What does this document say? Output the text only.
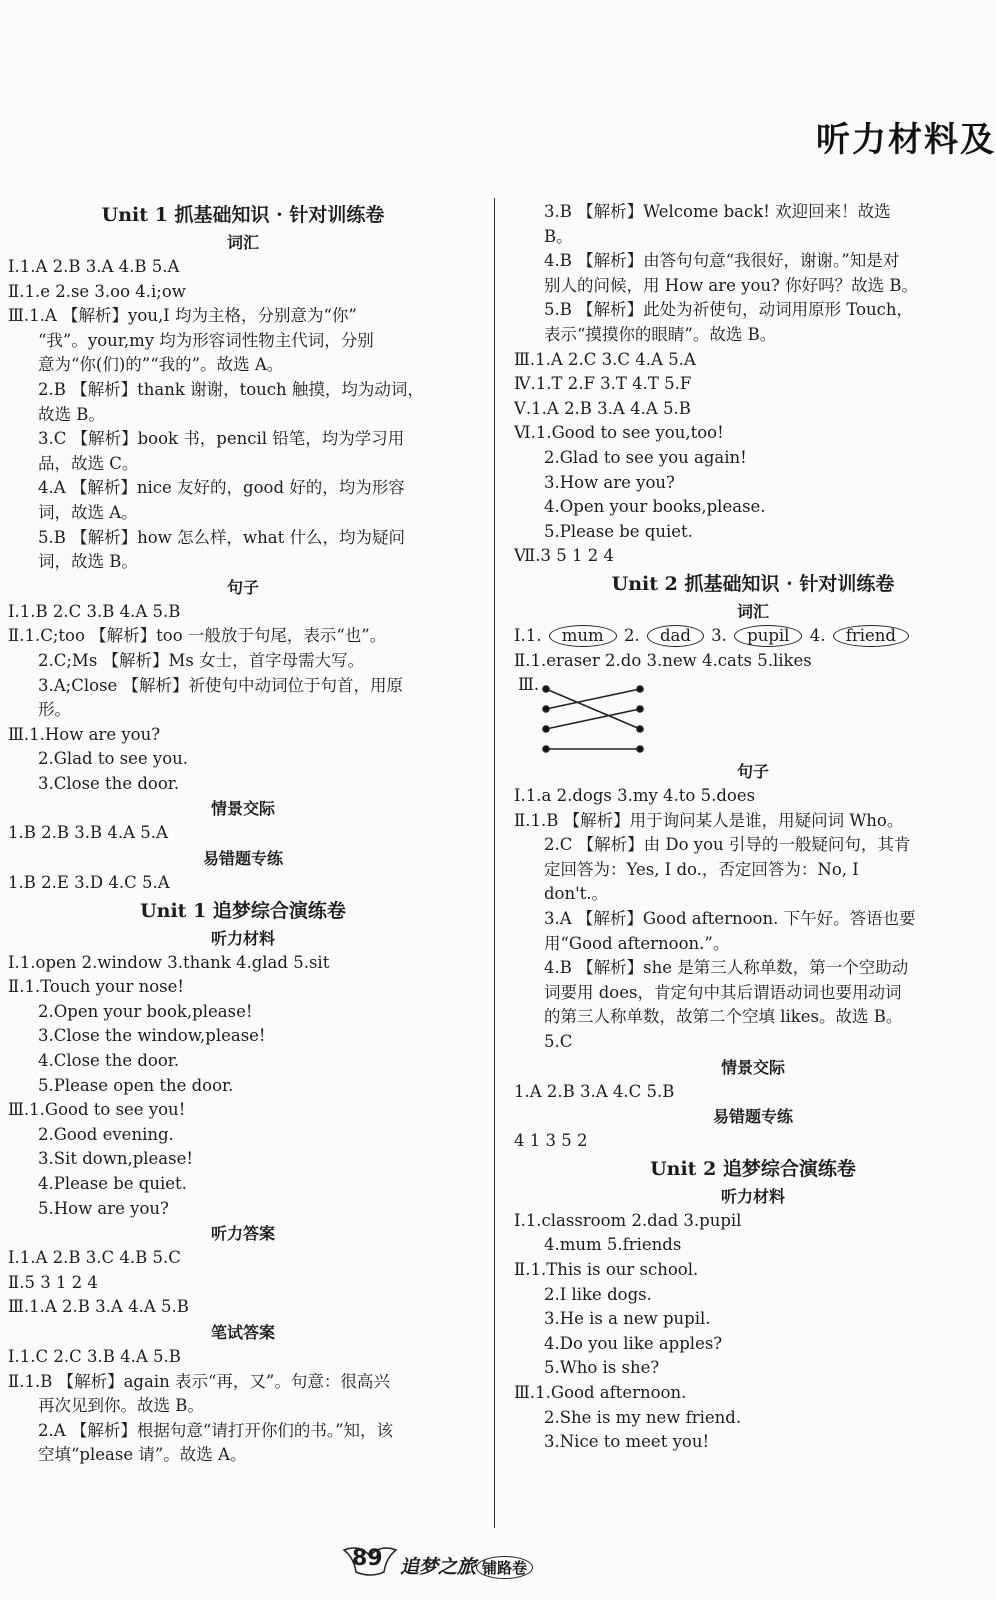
听力材料及
Unit 1 抓基础知识 · 针对训练卷
词汇
Ⅰ.1.A 2.B 3.A 4.B 5.A
Ⅱ.1.e 2.se 3.oo 4.i;ow
Ⅲ.1.A 【解析】you,I 均为主格，分别意为“你”
“我”。your,my 均为形容词性物主代词，分别
意为“你(们)的”“我的”。故选 A。
2.B 【解析】thank 谢谢，touch 触摸，均为动词，
故选 B。
3.C 【解析】book 书，pencil 铅笔，均为学习用
品，故选 C。
4.A 【解析】nice 友好的，good 好的，均为形容
词，故选 A。
5.B 【解析】how 怎么样，what 什么，均为疑问
词，故选 B。
句子
Ⅰ.1.B 2.C 3.B 4.A 5.B
Ⅱ.1.C;too 【解析】too 一般放于句尾，表示“也”。
2.C;Ms 【解析】Ms 女士，首字母需大写。
3.A;Close 【解析】祈使句中动词位于句首，用原
形。
Ⅲ.1.How are you?
2.Glad to see you.
3.Close the door.
情景交际
1.B 2.B 3.B 4.A 5.A
易错题专练
1.B 2.E 3.D 4.C 5.A
Unit 1 追梦综合演练卷
听力材料
Ⅰ.1.open 2.window 3.thank 4.glad 5.sit
Ⅱ.1.Touch your nose!
2.Open your book,please!
3.Close the window,please!
4.Close the door.
5.Please open the door.
Ⅲ.1.Good to see you!
2.Good evening.
3.Sit down,please!
4.Please be quiet.
5.How are you?
听力答案
Ⅰ.1.A 2.B 3.C 4.B 5.C
Ⅱ.5 3 1 2 4
Ⅲ.1.A 2.B 3.A 4.A 5.B
笔试答案
Ⅰ.1.C 2.C 3.B 4.A 5.B
Ⅱ.1.B 【解析】again 表示“再，又”。句意：很高兴
再次见到你。故选 B。
2.A 【解析】根据句意“请打开你们的书。”知，该
空填“please 请”。故选 A。
3.B 【解析】Welcome back! 欢迎回来！故选
B。
4.B 【解析】由答句句意“我很好，谢谢。”知是对
别人的问候，用 How are you? 你好吗？故选 B。
5.B 【解析】此处为祈使句，动词用原形 Touch，
表示“摸摸你的眼睛”。故选 B。
Ⅲ.1.A 2.C 3.C 4.A 5.A
Ⅳ.1.T 2.F 3.T 4.T 5.F
Ⅴ.1.A 2.B 3.A 4.A 5.B
Ⅵ.1.Good to see you,too!
2.Glad to see you again!
3.How are you?
4.Open your books,please.
5.Please be quiet.
Ⅶ.3 5 1 2 4
Unit 2 抓基础知识 · 针对训练卷
词汇
Ⅰ.1. mum 2. dad 3. pupil 4. friend
Ⅱ.1.eraser 2.do 3.new 4.cats 5.likes
Ⅲ.
句子
Ⅰ.1.a 2.dogs 3.my 4.to 5.does
Ⅱ.1.B 【解析】用于询问某人是谁，用疑问词 Who。
2.C 【解析】由 Do you 引导的一般疑问句，其肯
定回答为：Yes, I do.，否定回答为：No, I
don't.。
3.A 【解析】Good afternoon. 下午好。答语也要
用“Good afternoon.”。
4.B 【解析】she 是第三人称单数，第一个空助动
词要用 does，肯定句中其后谓语动词也要用动词
的第三人称单数，故第二个空填 likes。故选 B。
5.C
情景交际
1.A 2.B 3.A 4.C 5.B
易错题专练
4 1 3 5 2
Unit 2 追梦综合演练卷
听力材料
Ⅰ.1.classroom 2.dad 3.pupil
4.mum 5.friends
Ⅱ.1.This is our school.
2.I like dogs.
3.He is a new pupil.
4.Do you like apples?
5.Who is she?
Ⅲ.1.Good afternoon.
2.She is my new friend.
3.Nice to meet you!
89 追梦之旅 铺路卷
